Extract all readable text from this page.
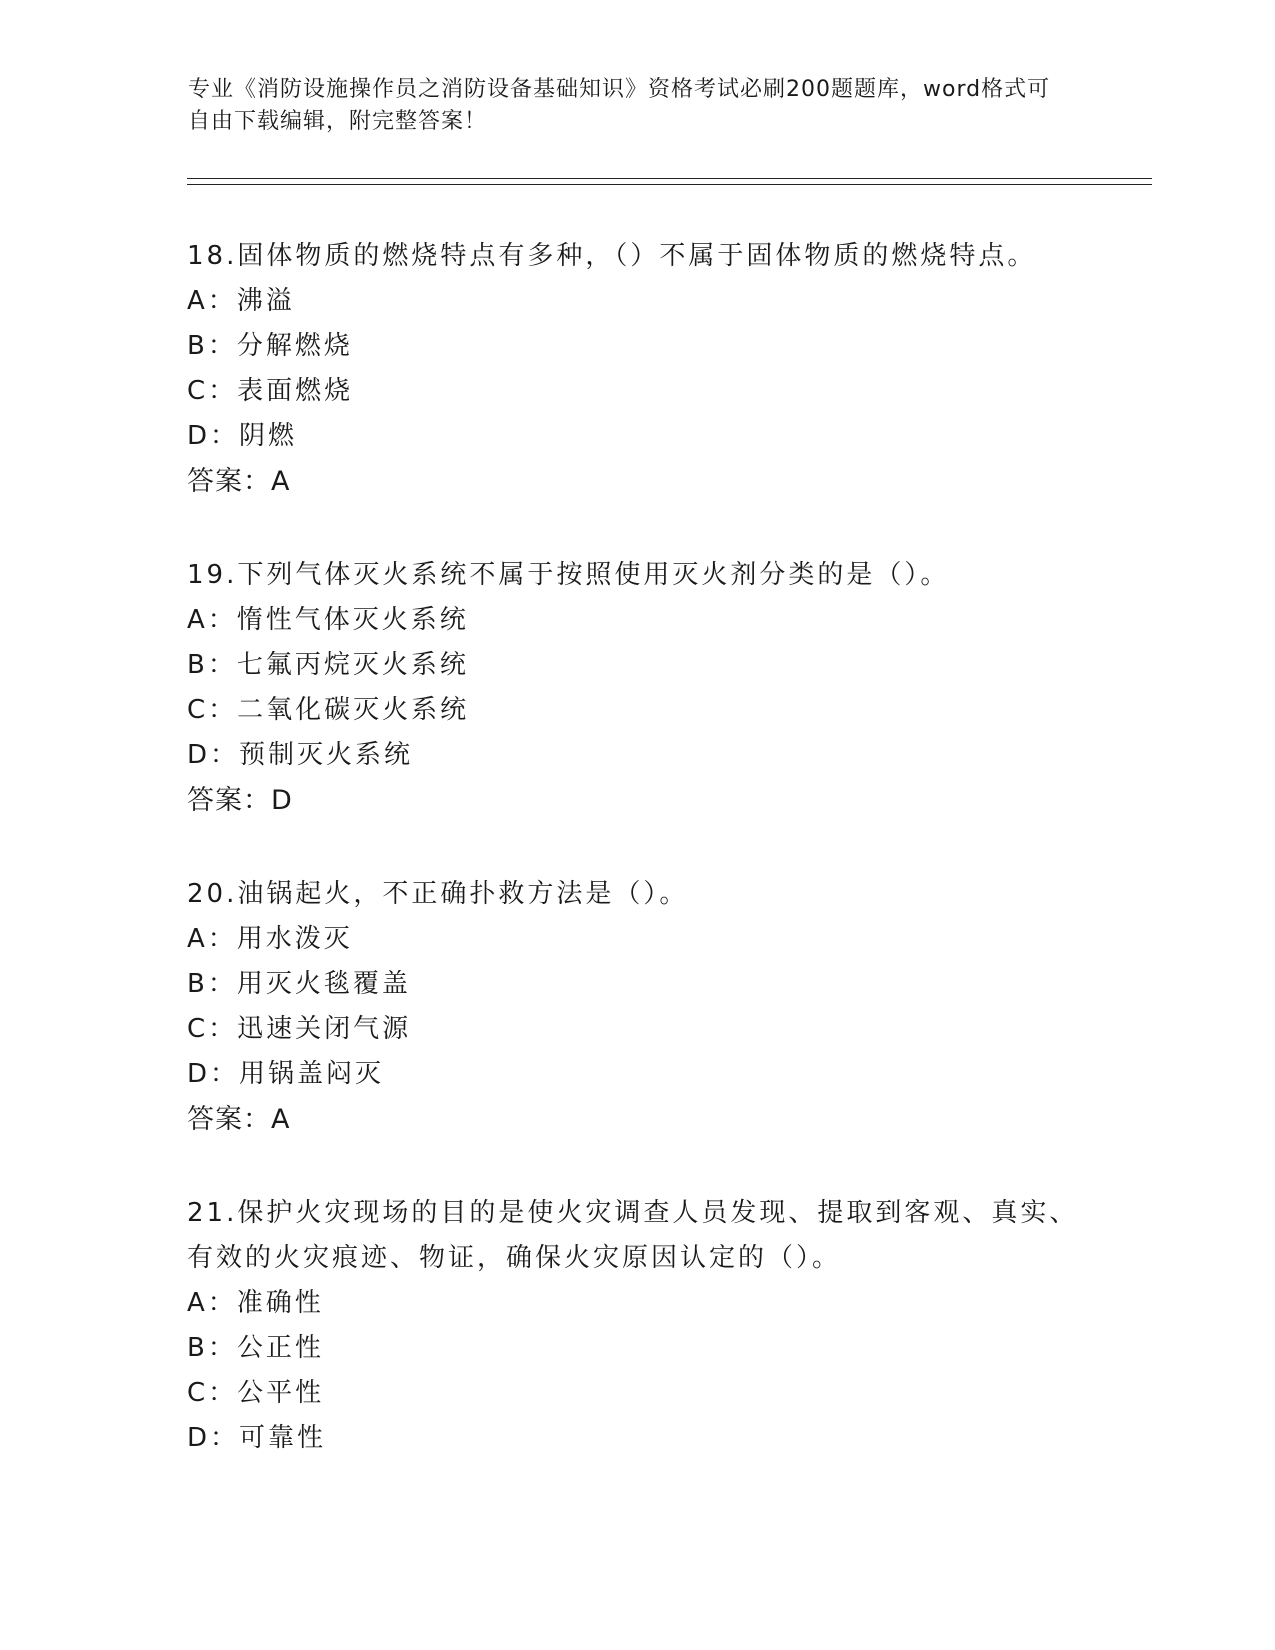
专业《消防设施操作员之消防设备基础知识》资格考试必刷200题题库，word格式可自由下载编辑，附完整答案！

18.固体物质的燃烧特点有多种，（）不属于固体物质的燃烧特点。

A：沸溢

B：分解燃烧

C：表面燃烧

D：阴燃

答案：A

19.下列气体灭火系统不属于按照使用灭火剂分类的是（）。

A：惰性气体灭火系统

B：七氟丙烷灭火系统

C：二氧化碳灭火系统

D：预制灭火系统

答案：D

20.油锅起火，不正确扑救方法是（）。

A：用水泼灭

B：用灭火毯覆盖

C：迅速关闭气源

D：用锅盖闷灭

答案：A

21.保护火灾现场的目的是使火灾调查人员发现、提取到客观、真实、有效的火灾痕迹、物证，确保火灾原因认定的（）。

A：准确性

B：公正性

C：公平性

D：可靠性
